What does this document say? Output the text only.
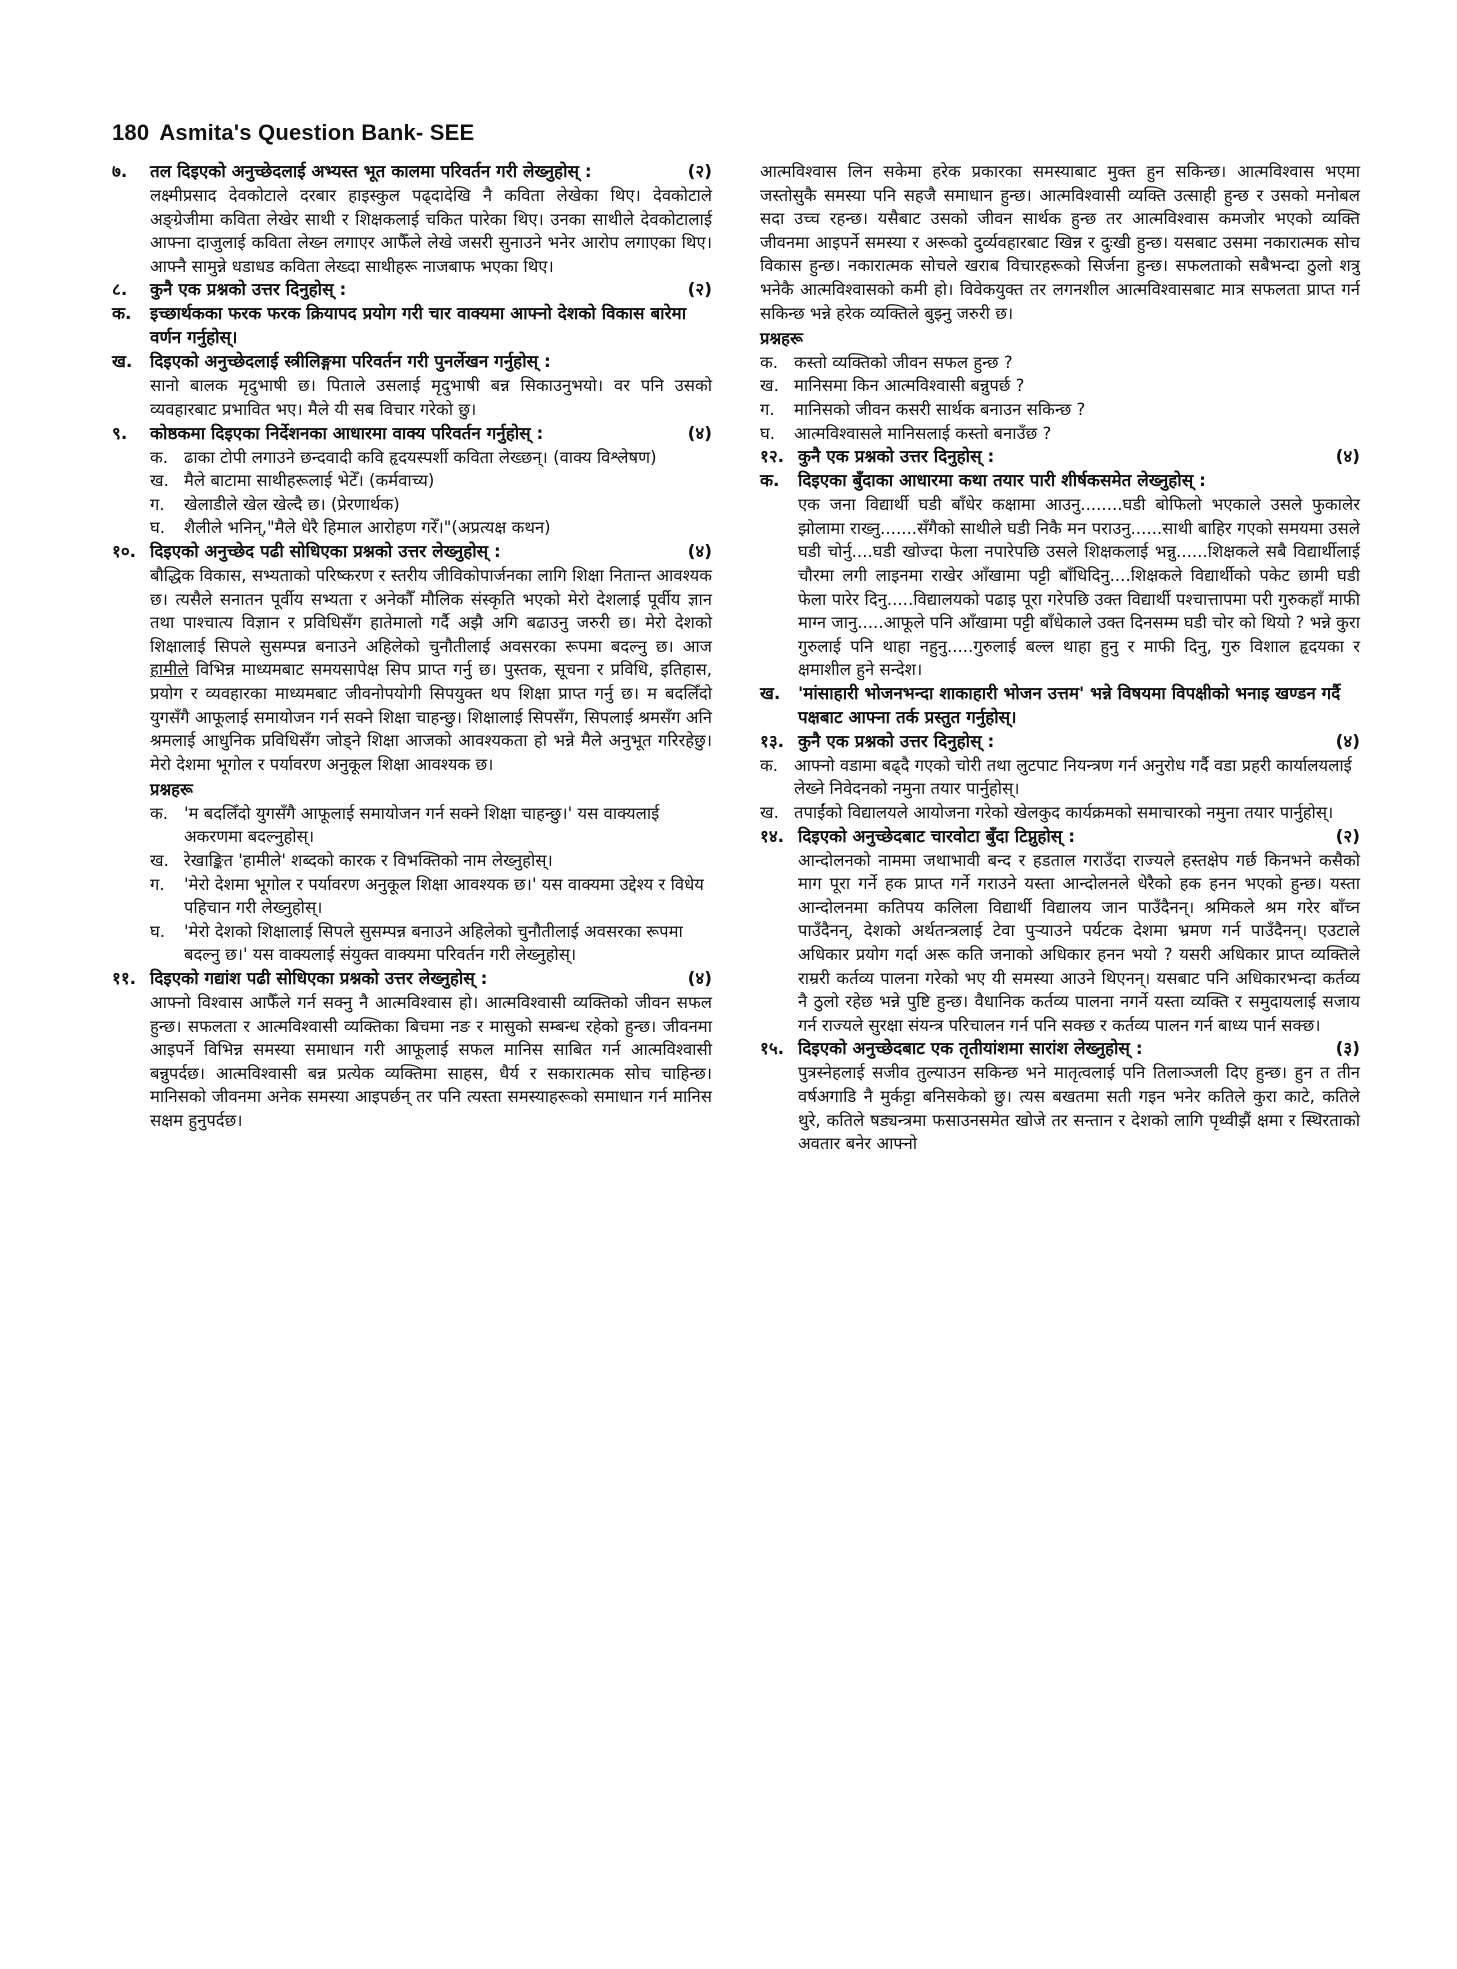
180 Asmita's Question Bank- SEE
७.	तल दिइएको अनुच्छेदलाई अभ्यस्त भूत कालमा परिवर्तन गरी लेख्नुहोस् :	(२)
लक्ष्मीप्रसाद देवकोटाले दरबार हाइस्कुल पढ्दादेखि नै कविता लेखेका थिए। देवकोटाले अङ्ग्रेजीमा कविता लेखेर साथी र शिक्षकलाई चकित पारेका थिए। उनका साथीले देवकोटालाई आफ्ना दाजुलाई कविता लेख्न लगाएर आफैँले लेखे जसरी सुनाउने भनेर आरोप लगाएका थिए। आफ्नै सामुन्ने धडाधड कविता लेख्दा साथीहरू नाजबाफ भएका थिए।
८.	कुनै एक प्रश्नको उत्तर दिनुहोस् :	(२)
क.	इच्छार्थकका फरक फरक क्रियापद प्रयोग गरी चार वाक्यमा आफ्नो देशको विकास बारेमा वर्णन गर्नुहोस्।
ख.	दिइएको अनुच्छेदलाई स्त्रीलिङ्गमा परिवर्तन गरी पुनर्लेखन गर्नुहोस् :
सानो बालक मृदुभाषी छ। पिताले उसलाई मृदुभाषी बन्न सिकाउनुभयो। वर पनि उसको व्यवहारबाट प्रभावित भए। मैले यी सब विचार गरेको छु।
९.	कोष्ठकमा दिइएका निर्देशनका आधारमा वाक्य परिवर्तन गर्नुहोस् :	(४)
क. ढाका टोपी लगाउने छन्दवादी कवि हृदयस्पर्शी कविता लेख्छन्। (वाक्य विश्लेषण)
ख. मैले बाटामा साथीहरूलाई भेटेँ। (कर्मवाच्य)
ग.	खेलाडीले खेल खेल्दै छ। (प्रेरणार्थक)
घ.	शैलीले भनिन्,"मैले धेरै हिमाल आरोहण गरेँ।"(अप्रत्यक्ष कथन)
१०. दिइएको अनुच्छेद पढी सोधिएका प्रश्नको उत्तर लेख्नुहोस् :	(४)
बौद्धिक विकास, सभ्यताको परिष्करण र स्तरीय जीविकोपार्जनका लागि शिक्षा नितान्त आवश्यक छ। त्यसैले सनातन पूर्वीय सभ्यता र अनेकौँ मौलिक संस्कृति भएको मेरो देशलाई पूर्वीय ज्ञान तथा पाश्चात्य विज्ञान र प्रविधिसँग हातेमालो गर्दै अझै अगि बढाउनु जरुरी छ। मेरो देशको शिक्षालाई सिपले सुसम्पन्न बनाउने अहिलेको चुनौतीलाई अवसरका रूपमा बदल्नु छ। आज हामीले विभिन्न माध्यमबाट समयसापेक्ष सिप प्राप्त गर्नु छ। पुस्तक, सूचना र प्रविधि, इतिहास, प्रयोग र व्यवहारका माध्यमबाट जीवनोपयोगी सिपयुक्त थप शिक्षा प्राप्त गर्नु छ। म बदलिँदो युगसँगै आफूलाई समायोजन गर्न सक्ने शिक्षा चाहन्छु। शिक्षालाई सिपसँग, सिपलाई श्रमसँग अनि श्रमलाई आधुनिक प्रविधिसँग जोड्ने शिक्षा आजको आवश्यकता हो भन्ने मैले अनुभूत गरिरहेछु। मेरो देशमा भूगोल र पर्यावरण अनुकूल शिक्षा आवश्यक छ।
प्रश्नहरू
क. 'म बदलिँदो युगसँगै आफूलाई समायोजन गर्न सक्ने शिक्षा चाहन्छु।' यस वाक्यलाई अकरणमा बदल्नुहोस्।
ख. रेखाङ्कित 'हामीले' शब्दको कारक र विभक्तिको नाम लेख्नुहोस्।
ग.	'मेरो देशमा भूगोल र पर्यावरण अनुकूल शिक्षा आवश्यक छ।' यस वाक्यमा उद्देश्य र विधेय पहिचान गरी लेख्नुहोस्।
घ.	'मेरो देशको शिक्षालाई सिपले सुसम्पन्न बनाउने अहिलेको चुनौतीलाई अवसरका रूपमा बदल्नु छ।' यस वाक्यलाई संयुक्त वाक्यमा परिवर्तन गरी लेख्नुहोस्।
११. दिइएको गद्यांश पढी सोधिएका प्रश्नको उत्तर लेख्नुहोस् :	(४)
आफ्नो विश्वास आफैँले गर्न सक्नु नै आत्मविश्वास हो। आत्मविश्वासी व्यक्तिको जीवन सफल हुन्छ। सफलता र आत्मविश्वासी व्यक्तिका बिचमा नङ र मासुको सम्बन्ध रहेको हुन्छ। जीवनमा आइपर्ने विभिन्न समस्या समाधान गरी आफूलाई सफल मानिस साबित गर्न आत्मविश्वासी बन्नुपर्दछ। आत्मविश्वासी बन्न प्रत्येक व्यक्तिमा साहस, धैर्य र सकारात्मक सोच चाहिन्छ। मानिसको जीवनमा अनेक समस्या आइपर्छन् तर पनि त्यस्ता समस्याहरूको समाधान गर्न मानिस सक्षम हुनुपर्दछ।
आत्मविश्वास लिन सकेमा हरेक प्रकारका समस्याबाट मुक्त हुन सकिन्छ। आत्मविश्वास भएमा जस्तोसुकै समस्या पनि सहजै समाधान हुन्छ। आत्मविश्वासी व्यक्ति उत्साही हुन्छ र उसको मनोबल सदा उच्च रहन्छ। यसैबाट उसको जीवन सार्थक हुन्छ तर आत्मविश्वास कमजोर भएको व्यक्ति जीवनमा आइपर्ने समस्या र अरूको दुर्व्यवहारबाट खिन्न र दुःखी हुन्छ। यसबाट उसमा नकारात्मक सोच विकास हुन्छ। नकारात्मक सोचले खराब विचारहरूको सिर्जना हुन्छ। सफलताको सबैभन्दा ठुलो शत्रु भनेकै आत्मविश्वासको कमी हो। विवेकयुक्त तर लगनशील आत्मविश्वासबाट मात्र सफलता प्राप्त गर्न सकिन्छ भन्ने हरेक व्यक्तिले बुझ्नु जरुरी छ।
प्रश्नहरू
क. कस्तो व्यक्तिको जीवन सफल हुन्छ ?
ख. मानिसमा किन आत्मविश्वासी बन्नुपर्छ ?
ग.	मानिसको जीवन कसरी सार्थक बनाउन सकिन्छ ?
घ.	आत्मविश्वासले मानिसलाई कस्तो बनाउँछ ?
१२. कुनै एक प्रश्नको उत्तर दिनुहोस् :	(४)
क.	दिइएका बुँदाका आधारमा कथा तयार पारी शीर्षकसमेत लेख्नुहोस् :
एक जना विद्यार्थी घडी बाँधेर कक्षामा आउनु........घडी बोफिलो भएकाले उसले फुकालेर झोलामा राख्नु.......सँगैको साथीले घडी निकै मन पराउनु......साथी बाहिर गएको समयमा उसले घडी चोर्नु....घडी खोज्दा फेला नपारेपछि उसले शिक्षकलाई भन्नु......शिक्षकले सबै विद्यार्थीलाई चौरमा लगी लाइनमा राखेर आँखामा पट्टी बाँधिदिनु....शिक्षकले विद्यार्थीको पकेट छामी घडी फेला पारेर दिनु.....विद्यालयको पढाइ पूरा गरेपछि उक्त विद्यार्थी पश्चात्तापमा परी गुरुकहाँ माफी माग्न जानु.....आफूले पनि आँखामा पट्टी बाँधेकाले उक्त दिनसम्म घडी चोर को थियो ? भन्ने कुरा गुरुलाई पनि थाहा नहुनु.....गुरुलाई बल्ल थाहा हुनु र माफी दिनु, गुरु विशाल हृदयका र क्षमाशील हुने सन्देश।
ख.	'मांसाहारी भोजनभन्दा शाकाहारी भोजन उत्तम' भन्ने विषयमा विपक्षीको भनाइ खण्डन गर्दै पक्षबाट आफ्ना तर्क प्रस्तुत गर्नुहोस्।
१३. कुनै एक प्रश्नको उत्तर दिनुहोस् :	(४)
क. आफ्नो वडामा बढ्दै गएको चोरी तथा लुटपाट नियन्त्रण गर्न अनुरोध गर्दै वडा प्रहरी कार्यालयलाई लेख्ने निवेदनको नमुना तयार पार्नुहोस्।
ख. तपाईंको विद्यालयले आयोजना गरेको खेलकुद कार्यक्रमको समाचारको नमुना तयार पार्नुहोस्।
१४. दिइएको अनुच्छेदबाट चारवोटा बुँदा टिप्नुहोस् :	(२)
आन्दोलनको नाममा जथाभावी बन्द र हडताल गराउँदा राज्यले हस्तक्षेप गर्छ किनभने कसैको माग पूरा गर्ने हक प्राप्त गर्ने गराउने यस्ता आन्दोलनले धेरैको हक हनन भएको हुन्छ। यस्ता आन्दोलनमा कतिपय कलिला विद्यार्थी विद्यालय जान पाउँदैनन्। श्रमिकले श्रम गरेर बाँच्न पाउँदैनन्, देशको अर्थतन्त्रलाई टेवा पुऱ्याउने पर्यटक देशमा भ्रमण गर्न पाउँदैनन्। एउटाले अधिकार प्रयोग गर्दा अरू कति जनाको अधिकार हनन भयो ? यसरी अधिकार प्राप्त व्यक्तिले राम्ररी कर्तव्य पालना गरेको भए यी समस्या आउने थिएनन्। यसबाट पनि अधिकारभन्दा कर्तव्य नै ठुलो रहेछ भन्ने पुष्टि हुन्छ। वैधानिक कर्तव्य पालना नगर्ने यस्ता व्यक्ति र समुदायलाई सजाय गर्न राज्यले सुरक्षा संयन्त्र परिचालन गर्न पनि सक्छ र कर्तव्य पालन गर्न बाध्य पार्न सक्छ।
१५. दिइएको अनुच्छेदबाट एक तृतीयांशमा सारांश लेख्नुहोस् :	(३)
पुत्रस्नेहलाई सजीव तुल्याउन सकिन्छ भने मातृत्वलाई पनि तिलाञ्जली दिए हुन्छ। हुन त तीन वर्षअगाडि नै मुर्कट्टा बनिसकेको छु। त्यस बखतमा सती गइन भनेर कतिले कुरा काटे, कतिले थुरे, कतिले षड्यन्त्रमा फसाउनसमेत खोजे तर सन्तान र देशको लागि पृथ्वीझैं क्षमा र स्थिरताको अवतार बनेर आफ्नो
